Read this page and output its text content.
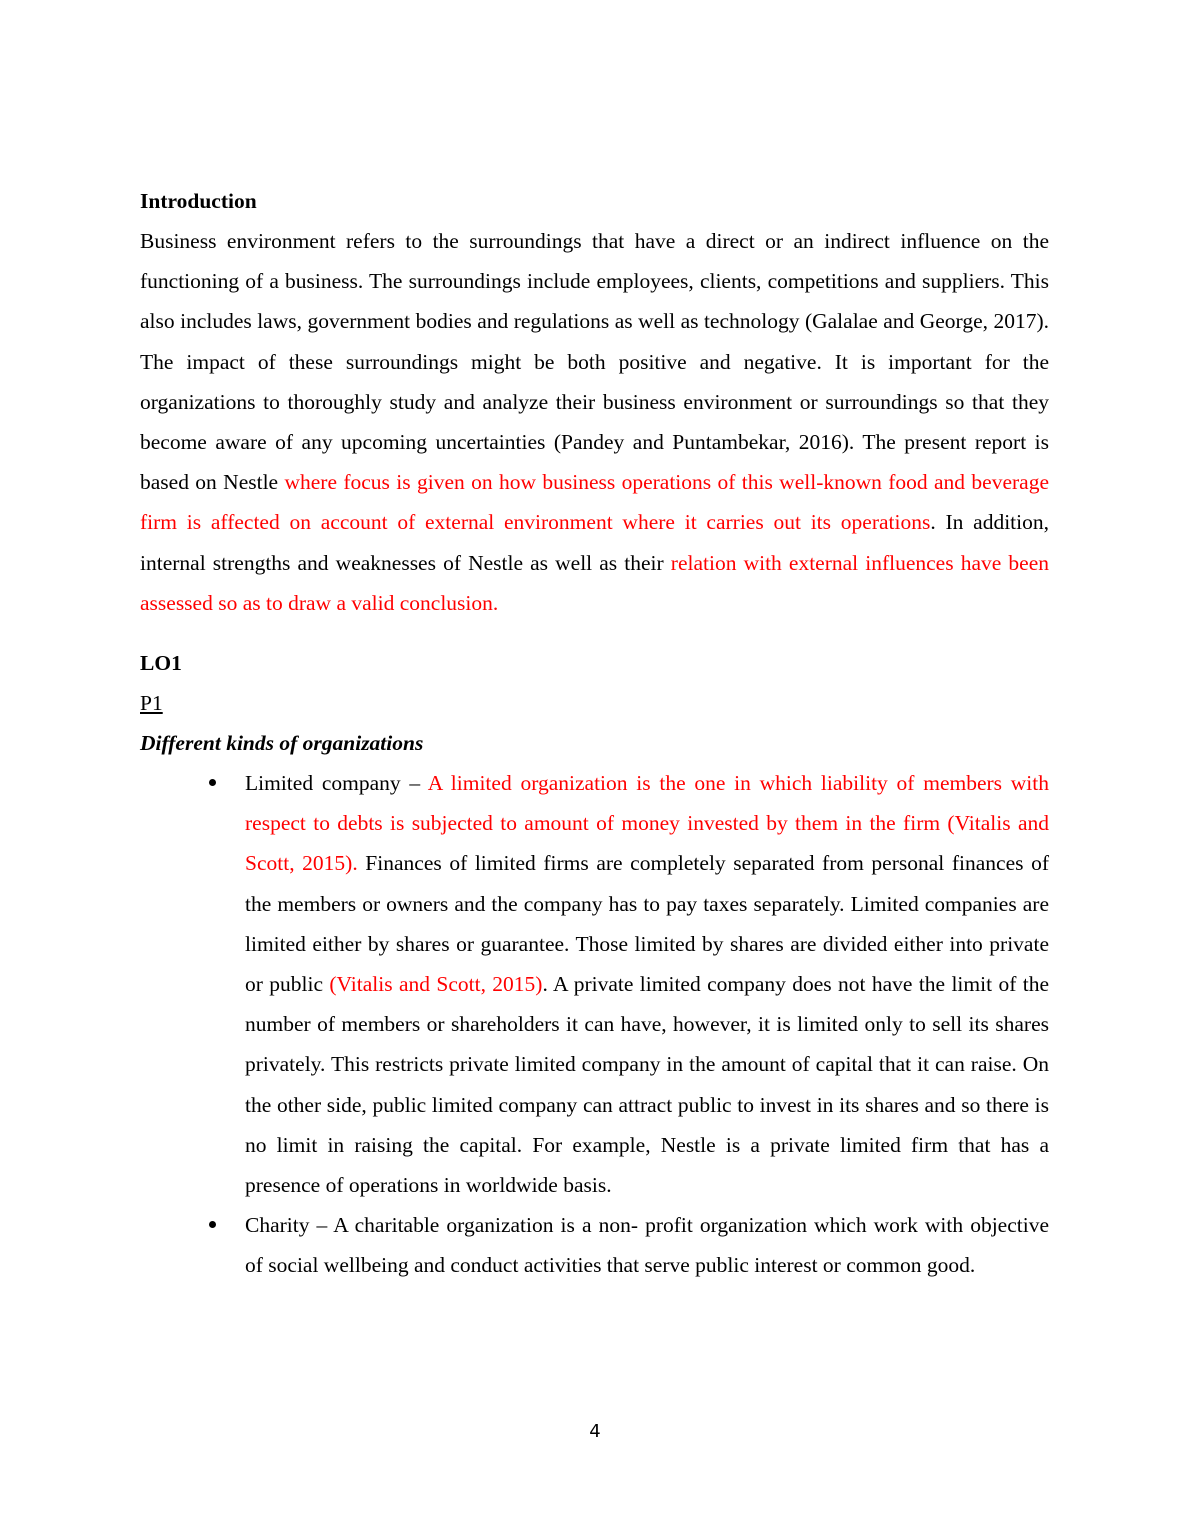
Introduction

Business environment refers to the surroundings that have a direct or an indirect influence on the functioning of a business. The surroundings include employees, clients, competitions and suppliers. This also includes laws, government bodies and regulations as well as technology (Galalae and George, 2017). The impact of these surroundings might be both positive and negative. It is important for the organizations to thoroughly study and analyze their business environment or surroundings so that they become aware of any upcoming uncertainties (Pandey and Puntambekar, 2016). The present report is based on Nestle where focus is given on how business operations of this well-known food and beverage firm is affected on account of external environment where it carries out its operations. In addition, internal strengths and weaknesses of Nestle as well as their relation with external influences have been assessed so as to draw a valid conclusion.

LO1

P1

Different kinds of organizations

Limited company – A limited organization is the one in which liability of members with respect to debts is subjected to amount of money invested by them in the firm (Vitalis and Scott, 2015). Finances of limited firms are completely separated from personal finances of the members or owners and the company has to pay taxes separately. Limited companies are limited either by shares or guarantee. Those limited by shares are divided either into private or public (Vitalis and Scott, 2015). A private limited company does not have the limit of the number of members or shareholders it can have, however, it is limited only to sell its shares privately. This restricts private limited company in the amount of capital that it can raise. On the other side, public limited company can attract public to invest in its shares and so there is no limit in raising the capital. For example, Nestle is a private limited firm that has a presence of operations in worldwide basis.
Charity – A charitable organization is a non- profit organization which work with objective of social wellbeing and conduct activities that serve public interest or common good.
4
